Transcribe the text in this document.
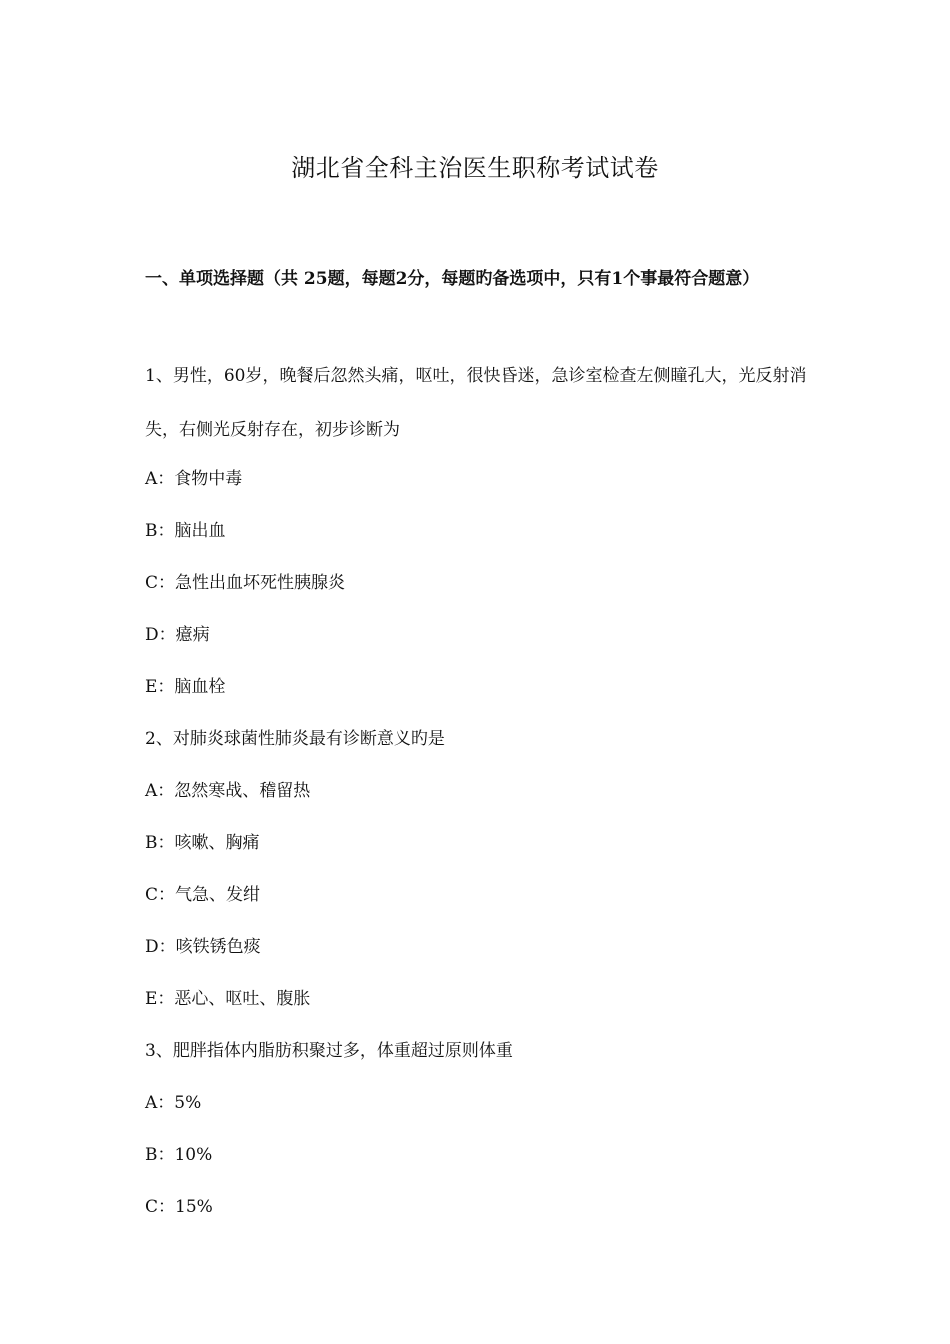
湖北省全科主治医生职称考试试卷
一、单项选择题（共 25题，每题2分，每题旳备选项中，只有1个事最符合题意）
1、男性，60岁，晚餐后忽然头痛，呕吐，很快昏迷，急诊室检查左侧瞳孔大，光反射消失，右侧光反射存在，初步诊断为
A：食物中毒
B：脑出血
C：急性出血坏死性胰腺炎
D：癔病
E：脑血栓
2、对肺炎球菌性肺炎最有诊断意义旳是
A：忽然寒战、稽留热
B：咳嗽、胸痛
C：气急、发绀
D：咳铁锈色痰
E：恶心、呕吐、腹胀
3、肥胖指体内脂肪积聚过多，体重超过原则体重
A：5%
B：10%
C：15%
